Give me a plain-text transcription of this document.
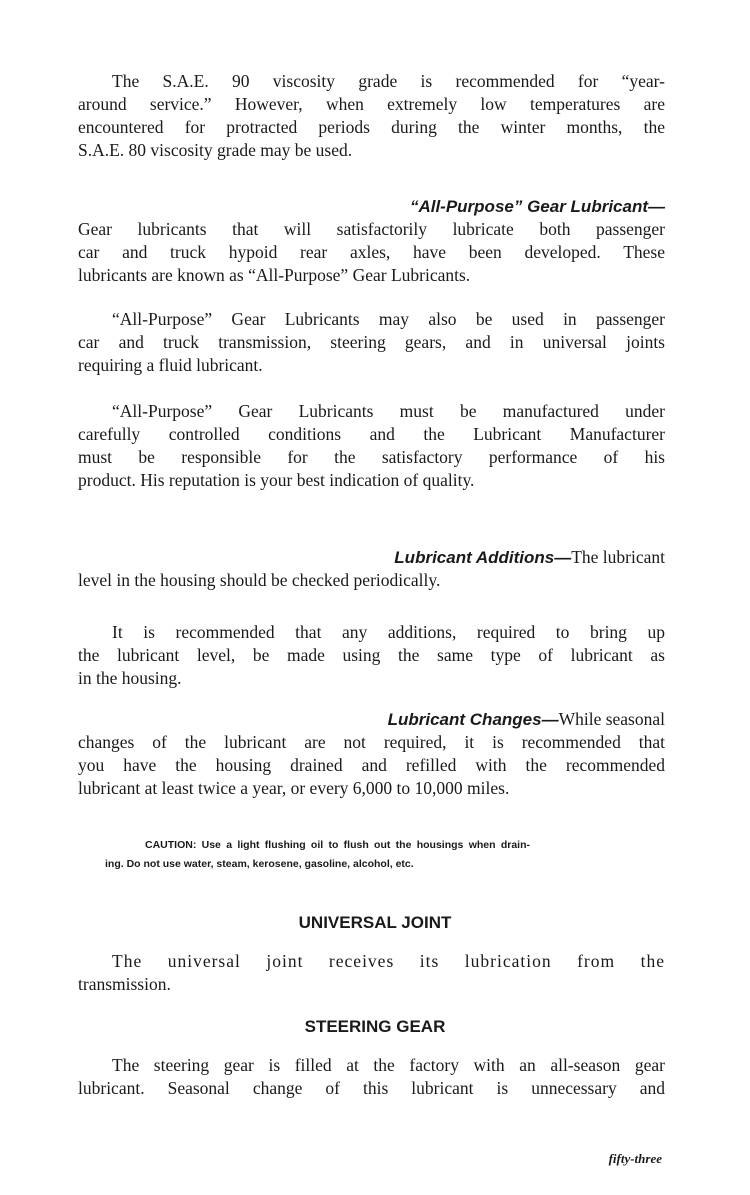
The S.A.E. 90 viscosity grade is recommended for “year-
around service.” However, when extremely low temperatures are
encountered for protracted periods during the winter months, the
S.A.E. 80 viscosity grade may be used.
“All-Purpose” Gear Lubricant—
Gear lubricants that will satisfactorily lubricate both passenger
car and truck hypoid rear axles, have been developed. These
lubricants are known as “All-Purpose” Gear Lubricants.
“All-Purpose” Gear Lubricants may also be used in passenger
car and truck transmission, steering gears, and in universal joints
requiring a fluid lubricant.
“All-Purpose” Gear Lubricants must be manufactured under
carefully controlled conditions and the Lubricant Manufacturer
must be responsible for the satisfactory performance of his
product. His reputation is your best indication of quality.
Lubricant Additions—The lubricant
level in the housing should be checked periodically.
It is recommended that any additions, required to bring up
the lubricant level, be made using the same type of lubricant as
in the housing.
Lubricant Changes—While seasonal
changes of the lubricant are not required, it is recommended that
you have the housing drained and refilled with the recommended
lubricant at least twice a year, or every 6,000 to 10,000 miles.
CAUTION: Use a light flushing oil to flush out the housings when drain-
ing. Do not use water, steam, kerosene, gasoline, alcohol, etc.
UNIVERSAL JOINT
The universal joint receives its lubrication from the
transmission.
STEERING GEAR
The steering gear is filled at the factory with an all-season gear
lubricant. Seasonal change of this lubricant is unnecessary and
fifty-three
